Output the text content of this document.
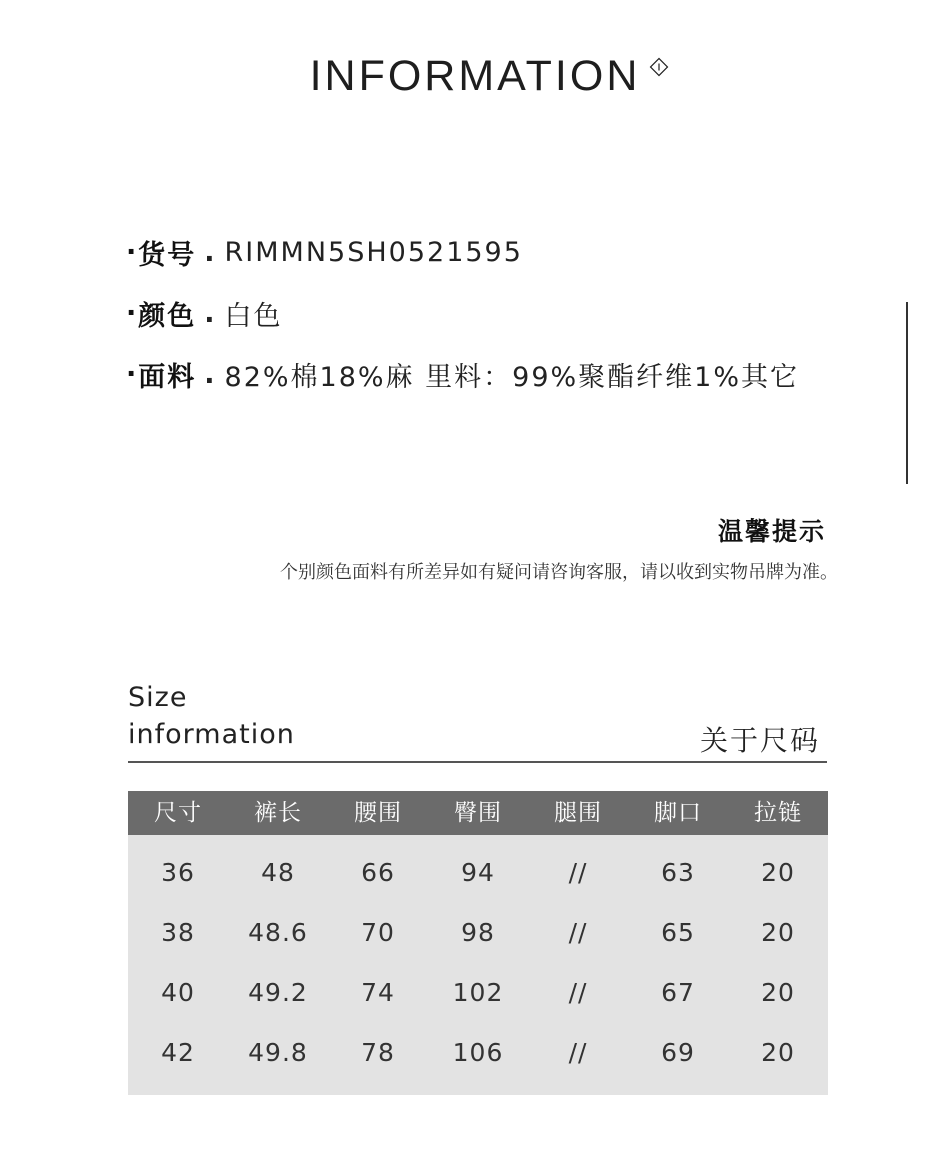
INFORMATION
· 货号 . RIMMN5SH0521595
· 颜色 . 白色
· 面料 . 82%棉18%麻 里料：99%聚酯纤维1%其它
温馨提示
个别颜色面料有所差异如有疑问请咨询客服，请以收到实物吊牌为准。
Size
information	关于尺码
尺寸	裤长	腰围	臀围	腿围	脚口	拉链
36	48	66	94	//	63	20
38	48.6	70	98	//	65	20
40	49.2	74	102	//	67	20
42	49.8	78	106	//	69	20
